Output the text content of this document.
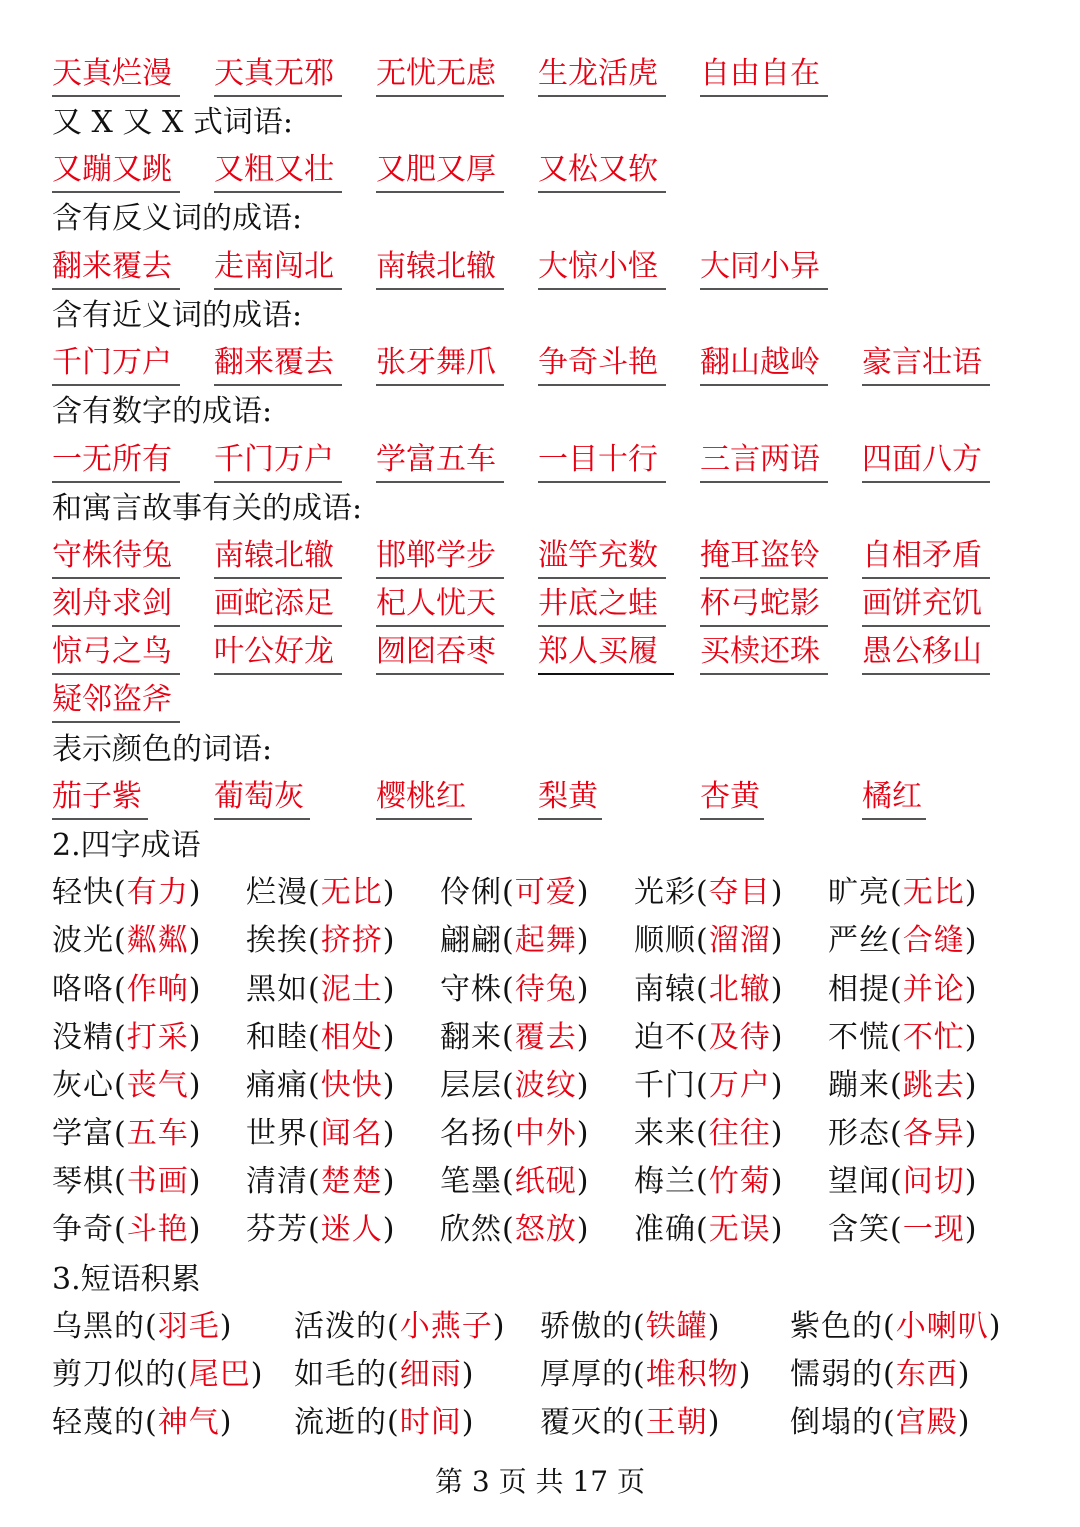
天真烂漫 天真无邪 无忧无虑 生龙活虎 自由自在
又 X 又 X 式词语:
又蹦又跳 又粗又壮 又肥又厚 又松又软
含有反义词的成语:
翻来覆去 走南闯北 南辕北辙 大惊小怪 大同小异
含有近义词的成语:
千门万户 翻来覆去 张牙舞爪 争奇斗艳 翻山越岭 豪言壮语
含有数字的成语:
一无所有 千门万户 学富五车 一目十行 三言两语 四面八方
和寓言故事有关的成语:
守株待兔 南辕北辙 邯郸学步 滥竽充数 掩耳盗铃 自相矛盾
刻舟求剑 画蛇添足 杞人忧天 井底之蛙 杯弓蛇影 画饼充饥
惊弓之鸟 叶公好龙 囫囵吞枣 郑人买履	买椟还珠 愚公移山
疑邻盗斧
表示颜色的词语:
茄子紫 葡萄灰 樱桃红 梨黄	杏黄	橘红
2.四字成语
轻快(有力) 烂漫(无比) 伶俐(可爱) 光彩(夺目) 旷亮(无比)
波光(粼粼) 挨挨(挤挤) 翩翩(起舞) 顺顺(溜溜) 严丝(合缝)
咯咯(作响) 黑如(泥土) 守株(待兔) 南辕(北辙) 相提(并论)
没精(打采) 和睦(相处) 翻来(覆去) 迫不(及待) 不慌(不忙)
灰心(丧气) 痛痛(快快) 层层(波纹) 千门(万户) 蹦来(跳去)
学富(五车) 世界(闻名) 名扬(中外) 来来(往往) 形态(各异)
琴棋(书画) 清清(楚楚) 笔墨(纸砚) 梅兰(竹菊) 望闻(问切)
争奇(斗艳) 芬芳(迷人) 欣然(怒放) 准确(无误) 含笑(一现)
3.短语积累
乌黑的(羽毛) 活泼的(小燕子) 骄傲的(铁罐) 紫色的(小喇叭)
剪刀似的(尾巴) 如毛的(细雨) 厚厚的(堆积物) 懦弱的(东西)
轻蔑的(神气) 流逝的(时间) 覆灭的(王朝) 倒塌的(宫殿)
第 3 页 共 17 页
